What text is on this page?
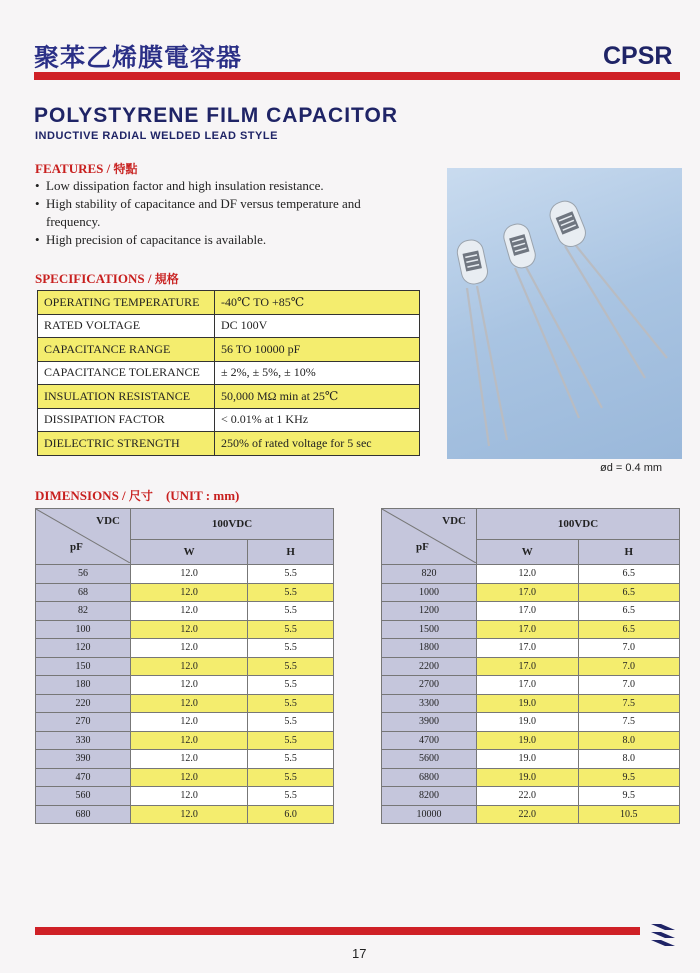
聚苯乙烯膜電容器	CPSR
POLYSTYRENE FILM CAPACITOR
INDUCTIVE RADIAL WELDED LEAD STYLE
FEATURES / 特點
• Low dissipation factor and high insulation resistance.
• High stability of capacitance and DF versus temperature and frequency.
• High precision of capacitance is available.
ød = 0.4 mm
SPECIFICATIONS / 規格
OPERATING TEMPERATURE	-40℃ TO +85℃
RATED VOLTAGE	DC 100V
CAPACITANCE RANGE	56 TO 10000 pF
CAPACITANCE TOLERANCE	± 2%, ± 5%, ± 10%
INSULATION RESISTANCE	50,000 MΩ min at 25℃
DISSIPATION FACTOR	< 0.01% at 1 KHz
DIELECTRIC STRENGTH	250% of rated voltage for 5 sec
DIMENSIONS / 尺寸 (UNIT : mm)
VDC
pF	100VDC	
	W	H
56	12.0	5.5
68	12.0	5.5
82	12.0	5.5
100	12.0	5.5
120	12.0	5.5
150	12.0	5.5
180	12.0	5.5
220	12.0	5.5
270	12.0	5.5
330	12.0	5.5
390	12.0	5.5
470	12.0	5.5
560	12.0	5.5
680	12.0	6.0
VDC
pF	100VDC	
	W	H
820	12.0	6.5
1000	17.0	6.5
1200	17.0	6.5
1500	17.0	6.5
1800	17.0	7.0
2200	17.0	7.0
2700	17.0	7.0
3300	19.0	7.5
3900	19.0	7.5
4700	19.0	8.0
5600	19.0	8.0
6800	19.0	9.5
8200	22.0	9.5
10000	22.0	10.5
17
